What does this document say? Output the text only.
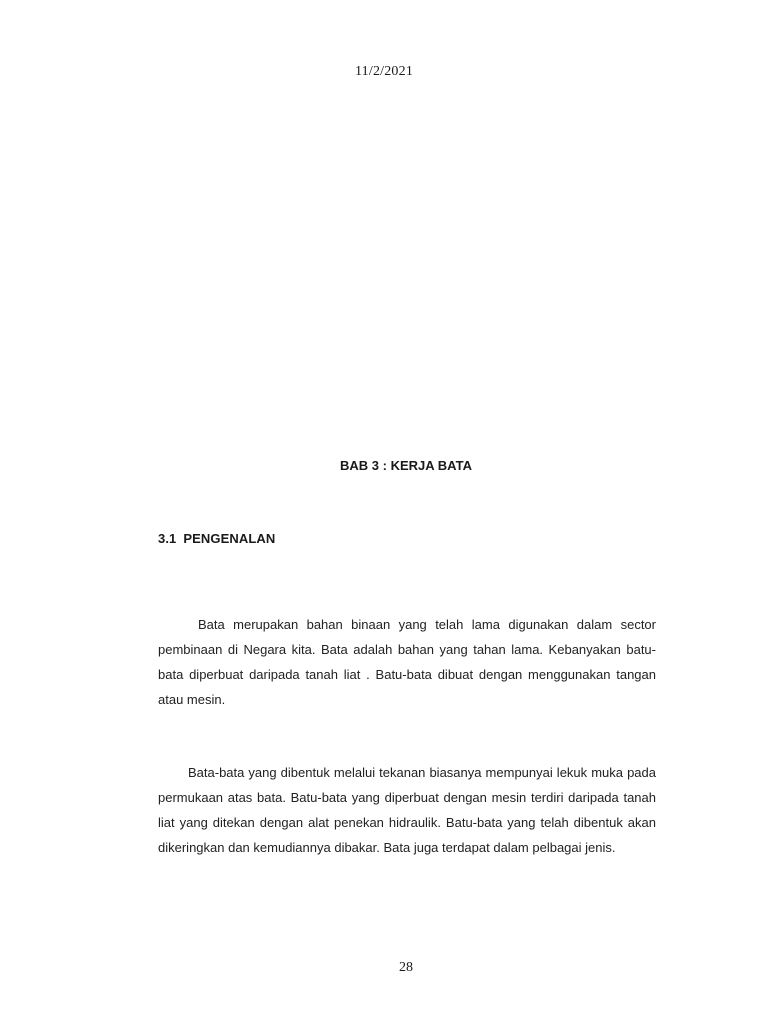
11/2/2021
BAB 3 : KERJA BATA
3.1 PENGENALAN

Bata merupakan bahan binaan yang telah lama digunakan dalam sector pembinaan di Negara kita. Bata adalah bahan yang tahan lama. Kebanyakan batu-bata diperbuat daripada tanah liat . Batu-bata dibuat dengan menggunakan tangan atau mesin.

Bata-bata yang dibentuk melalui tekanan biasanya mempunyai lekuk muka pada permukaan atas bata. Batu-bata yang diperbuat dengan mesin terdiri daripada tanah liat yang ditekan dengan alat penekan hidraulik. Batu-bata yang telah dibentuk akan dikeringkan dan kemudiannya dibakar. Bata juga terdapat dalam pelbagai jenis.

28
